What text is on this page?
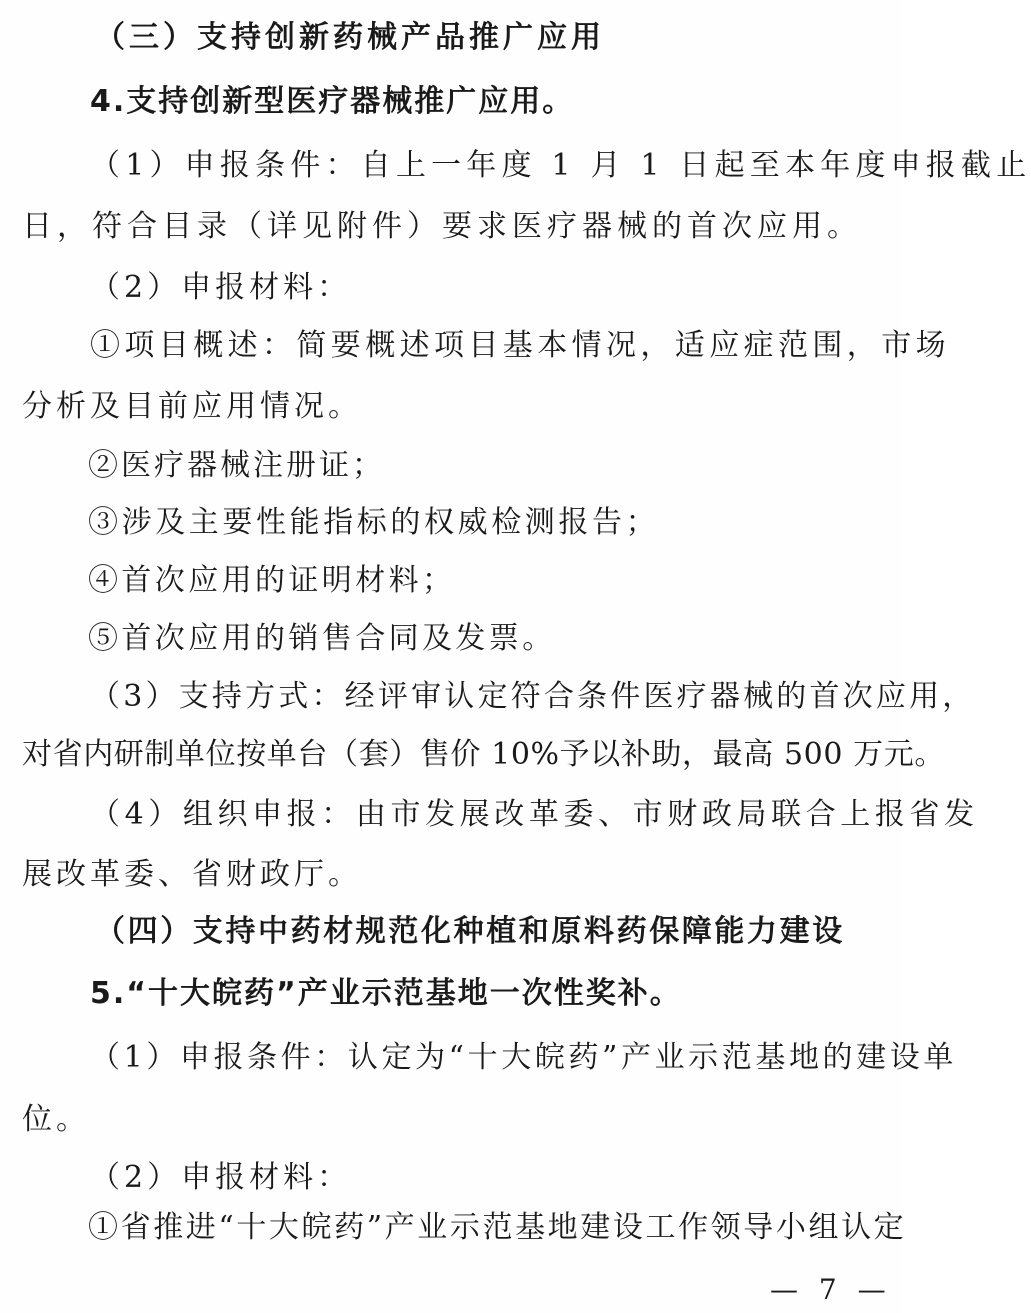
（三）支持创新药械产品推广应用
4.支持创新型医疗器械推广应用。
（1）申报条件：自上一年度 1 月 1 日起至本年度申报截止
日，符合目录（详见附件）要求医疗器械的首次应用。
（2）申报材料：
①项目概述：简要概述项目基本情况，适应症范围，市场
分析及目前应用情况。
②医疗器械注册证；
③涉及主要性能指标的权威检测报告；
④首次应用的证明材料；
⑤首次应用的销售合同及发票。
（3）支持方式：经评审认定符合条件医疗器械的首次应用，
对省内研制单位按单台（套）售价 10%予以补助，最高 500 万元。
（4）组织申报：由市发展改革委、市财政局联合上报省发
展改革委、省财政厅。
（四）支持中药材规范化种植和原料药保障能力建设
5.“十大皖药”产业示范基地一次性奖补。
（1）申报条件：认定为“十大皖药”产业示范基地的建设单
位。
（2）申报材料：
①省推进“十大皖药”产业示范基地建设工作领导小组认定
— 7 —
